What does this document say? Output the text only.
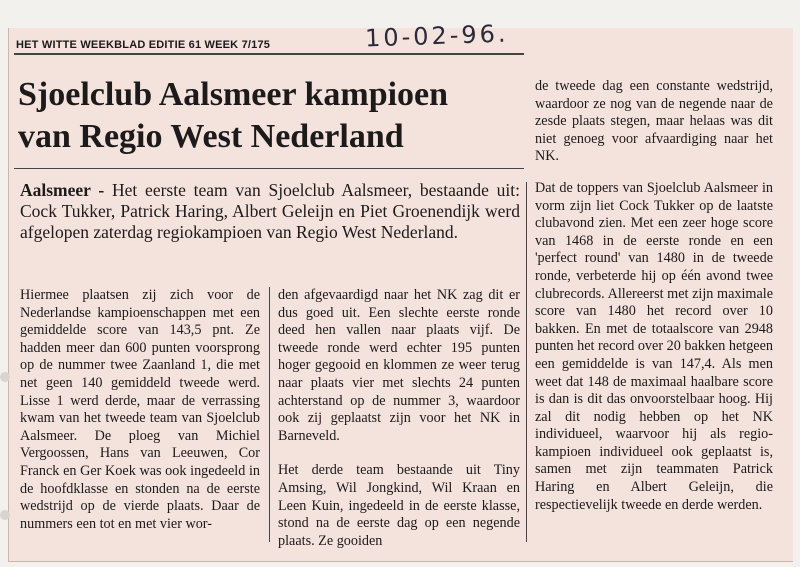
HET WITTE WEEKBLAD EDITIE 61 WEEK 7/175	10-02-96.
Sjoelclub Aalsmeer kampioen
van Regio West Nederland
Aalsmeer - Het eerste team van Sjoelclub Aalsmeer, bestaande uit: Cock Tukker, Patrick Haring, Albert Geleijn en Piet Groenendijk werd afgelopen zaterdag regiokampioen van Regio West Nederland.

Hiermee plaatsen zij zich voor de Nederlandse kampioenschappen met een gemiddelde score van 143,5 pnt. Ze hadden meer dan 600 punten voorsprong op de nummer twee Zaanland 1, die met net geen 140 gemiddeld tweede werd. Lisse 1 werd derde, maar de verrassing kwam van het tweede team van Sjoelclub Aalsmeer. De ploeg van Michiel Vergoossen, Hans van Leeuwen, Cor Franck en Ger Koek was ook ingedeeld in de hoofdklasse en stonden na de eerste wedstrijd op de vierde plaats. Daar de nummers een tot en met vier wor-

den afgevaardigd naar het NK zag dit er dus goed uit. Een slechte eerste ronde deed hen vallen naar plaats vijf. De tweede ronde werd echter 195 punten hoger gegooid en klommen ze weer terug naar plaats vier met slechts 24 punten achterstand op de nummer 3, waardoor ook zij geplaatst zijn voor het NK in Barneveld.

Het derde team bestaande uit Tiny Amsing, Wil Jongkind, Wil Kraan en Leen Kuin, ingedeeld in de eerste klasse, stond na de eerste dag op een negende plaats. Ze gooiden

de tweede dag een constante wedstrijd, waardoor ze nog van de negende naar de zesde plaats stegen, maar helaas was dit niet genoeg voor afvaardiging naar het NK.

Dat de toppers van Sjoelclub Aalsmeer in vorm zijn liet Cock Tukker op de laatste clubavond zien. Met een zeer hoge score van 1468 in de eerste ronde en een 'perfect round' van 1480 in de tweede ronde, verbeterde hij op één avond twee clubrecords. Allereerst met zijn maximale score van 1480 het record over 10 bakken. En met de totaalscore van 2948 punten het record over 20 bakken hetgeen een gemiddelde is van 147,4. Als men weet dat 148 de maximaal haalbare score is dan is dit das onvoorstelbaar hoog. Hij zal dit nodig hebben op het NK individueel, waarvoor hij als regio-kampioen individueel ook geplaatst is, samen met zijn teammaten Patrick Haring en Albert Geleijn, die respectievelijk tweede en derde werden.
